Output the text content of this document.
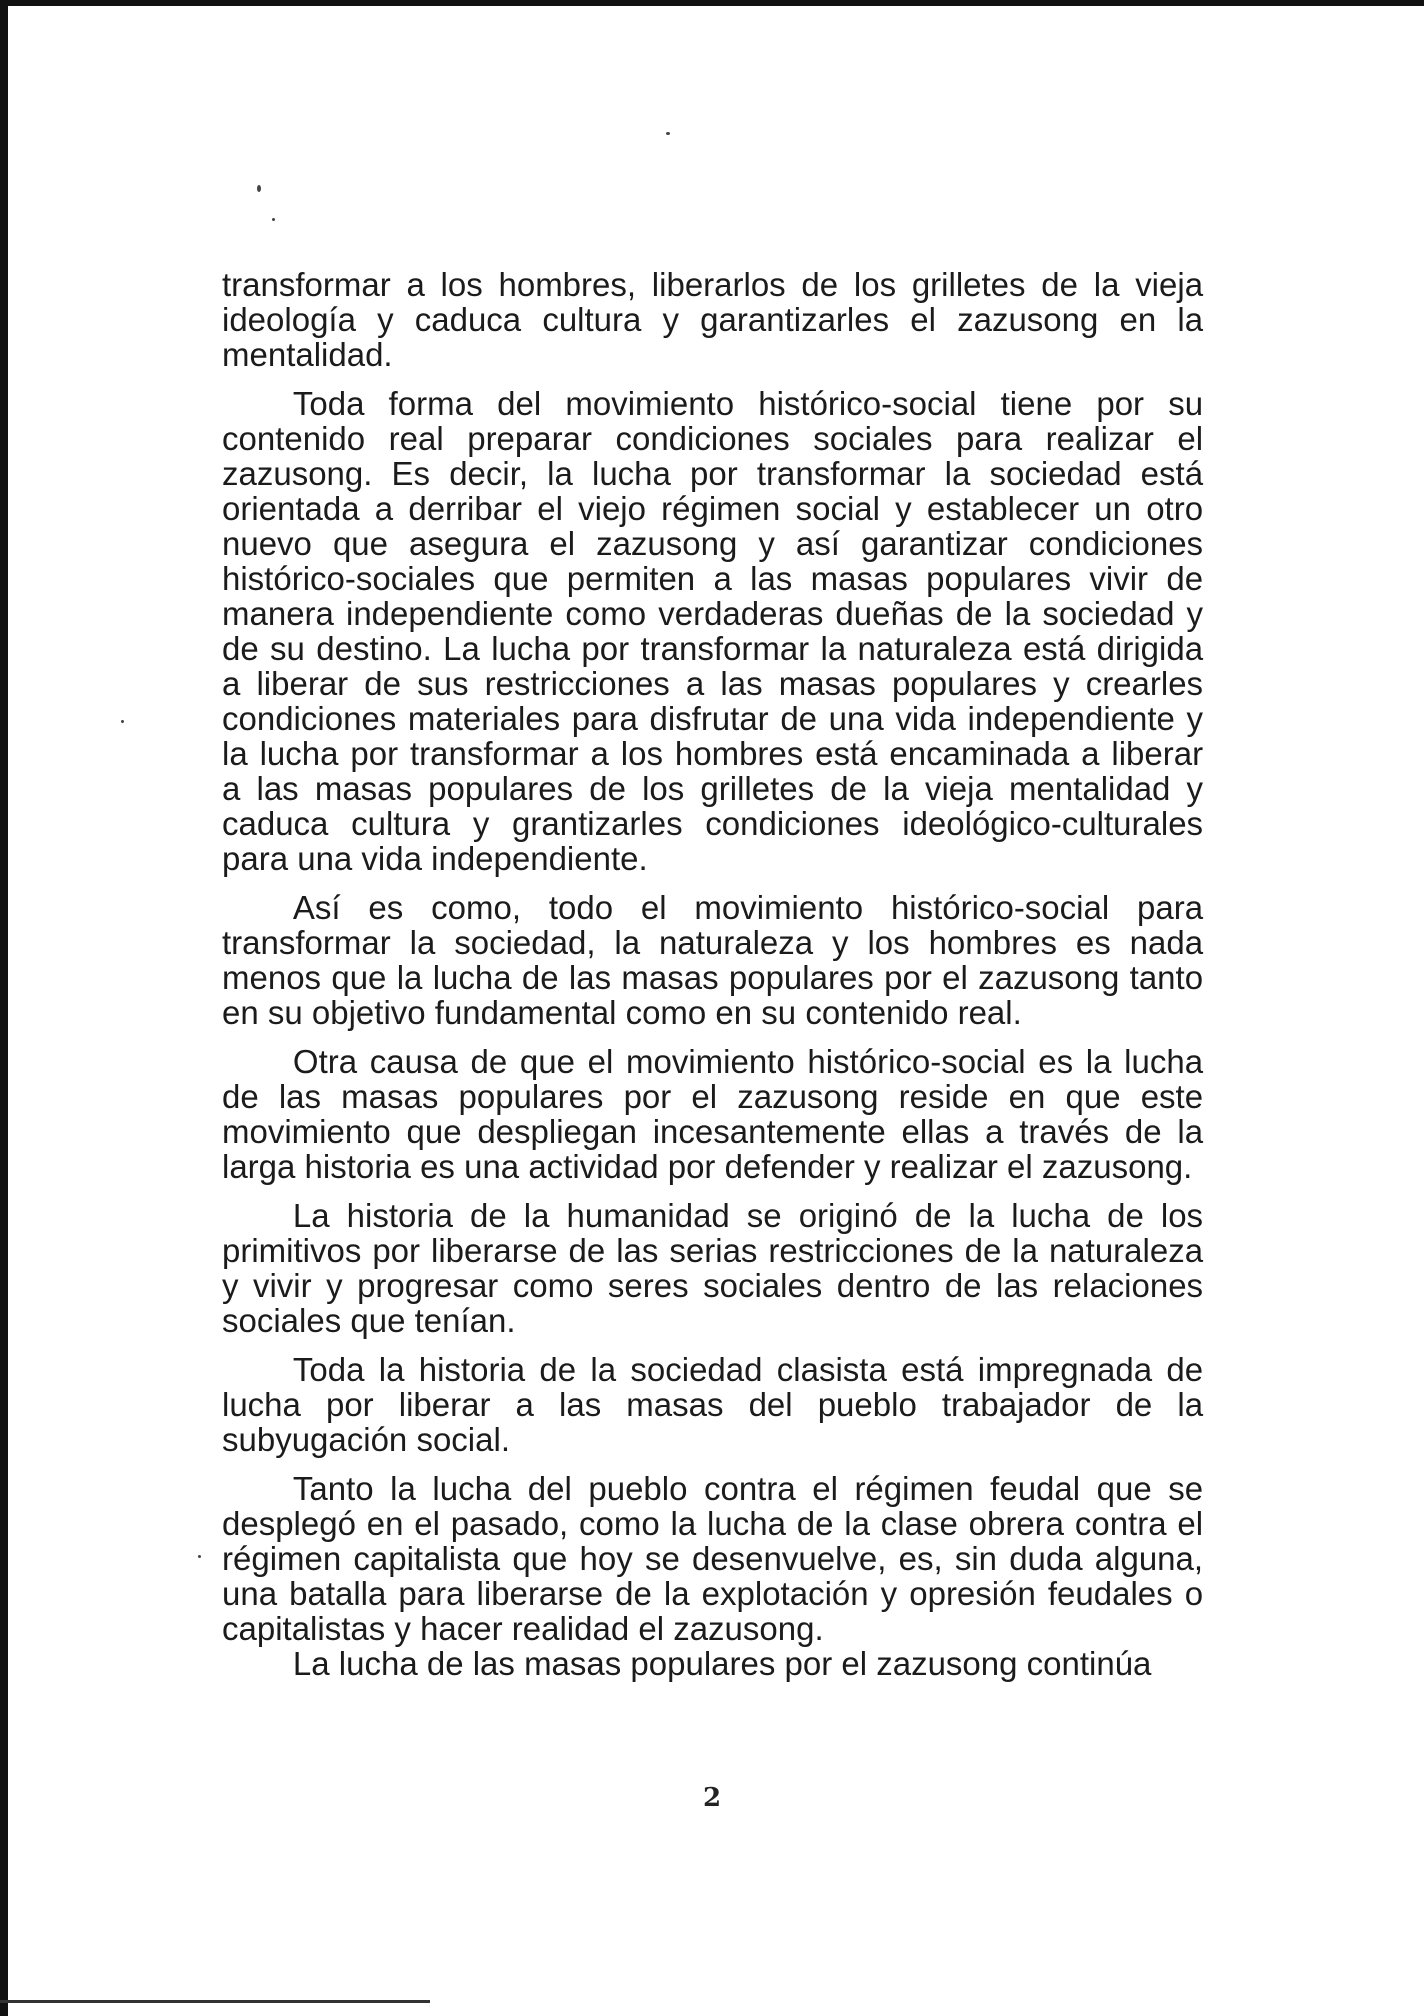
transformar a los hombres, liberarlos de los grilletes de la vieja ideología y caduca cultura y garantizarles el zazusong en la mentalidad.

Toda forma del movimiento histórico-social tiene por su contenido real preparar condiciones sociales para realizar el zazusong. Es decir, la lucha por transformar la sociedad está orientada a derribar el viejo régimen social y establecer un otro nuevo que asegura el zazusong y así garantizar condiciones histórico-sociales que permiten a las masas populares vivir de manera independiente como verdaderas dueñas de la sociedad y de su destino. La lucha por transformar la naturaleza está dirigida a liberar de sus restricciones a las masas populares y crearles condiciones materiales para disfrutar de una vida independiente y la lucha por transformar a los hombres está encaminada a liberar a las masas populares de los grilletes de la vieja mentalidad y caduca cultura y grantizarles condiciones ideológico-culturales para una vida independiente.

Así es como, todo el movimiento histórico-social para transformar la sociedad, la naturaleza y los hombres es nada menos que la lucha de las masas populares por el zazusong tanto en su objetivo fundamental como en su contenido real.

Otra causa de que el movimiento histórico-social es la lucha de las masas populares por el zazusong reside en que este movimiento que despliegan incesantemente ellas a través de la larga historia es una actividad por defender y realizar el zazusong.

La historia de la humanidad se originó de la lucha de los primitivos por liberarse de las serias restricciones de la naturaleza y vivir y progresar como seres sociales dentro de las relaciones sociales que tenían.

Toda la historia de la sociedad clasista está impregnada de lucha por liberar a las masas del pueblo trabajador de la subyugación social.

Tanto la lucha del pueblo contra el régimen feudal que se desplegó en el pasado, como la lucha de la clase obrera contra el régimen capitalista que hoy se desenvuelve, es, sin duda alguna, una batalla para liberarse de la explotación y opresión feudales o capitalistas y hacer realidad el zazusong.

La lucha de las masas populares por el zazusong continúa

2
